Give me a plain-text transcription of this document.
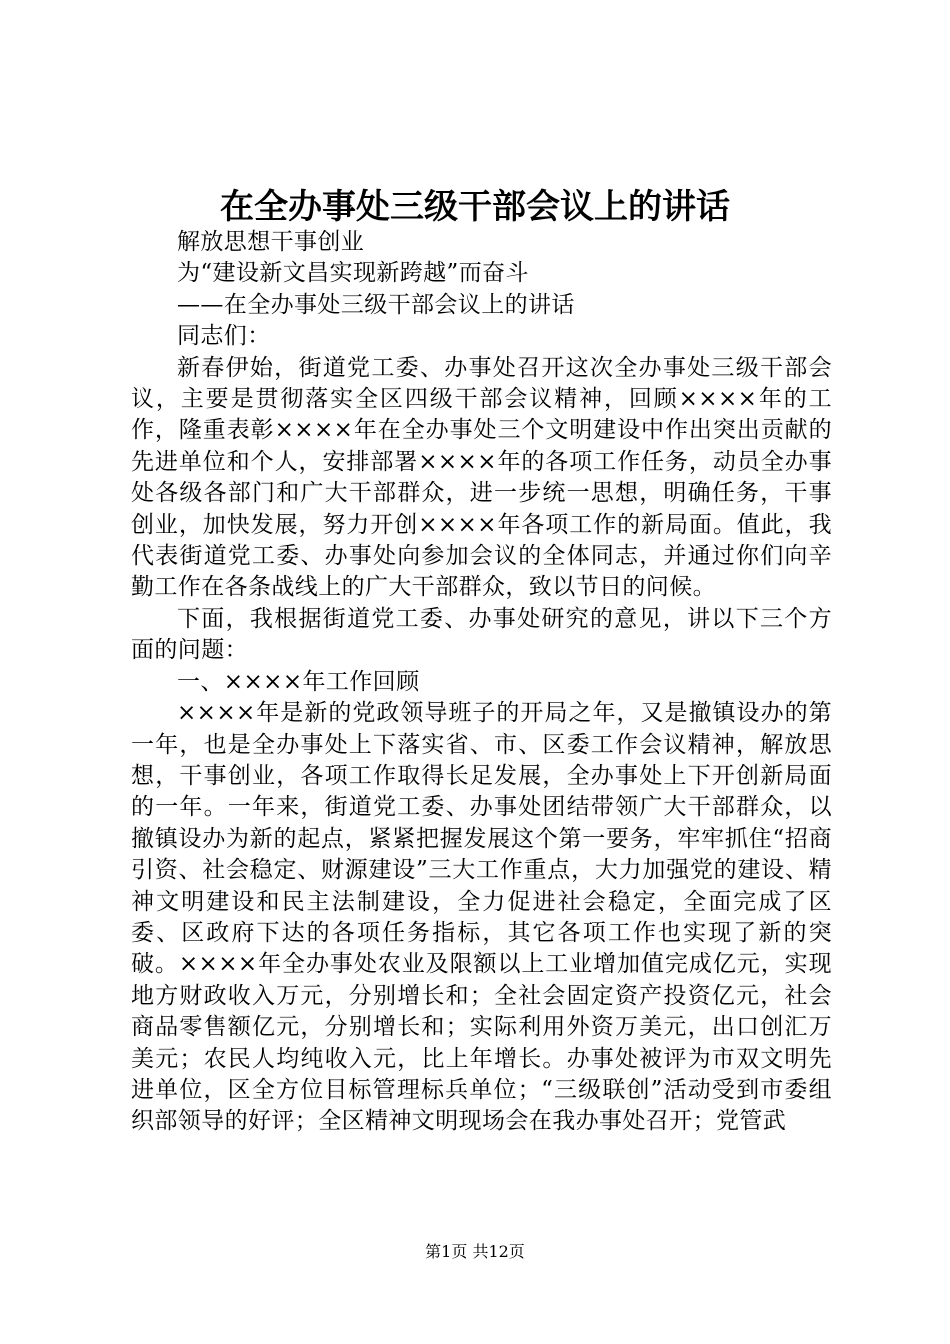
在全办事处三级干部会议上的讲话

解放思想干事创业

为“建设新文昌实现新跨越”而奋斗

——在全办事处三级干部会议上的讲话

同志们：

新春伊始，街道党工委、办事处召开这次全办事处三级干部会议，主要是贯彻落实全区四级干部会议精神，回顾××××年的工作，隆重表彰××××年在全办事处三个文明建设中作出突出贡献的先进单位和个人，安排部署××××年的各项工作任务，动员全办事处各级各部门和广大干部群众，进一步统一思想，明确任务，干事创业，加快发展，努力开创××××年各项工作的新局面。值此，我代表街道党工委、办事处向参加会议的全体同志，并通过你们向辛勤工作在各条战线上的广大干部群众，致以节日的问候。

下面，我根据街道党工委、办事处研究的意见，讲以下三个方面的问题：

一、××××年工作回顾

××××年是新的党政领导班子的开局之年，又是撤镇设办的第一年，也是全办事处上下落实省、市、区委工作会议精神，解放思想，干事创业，各项工作取得长足发展，全办事处上下开创新局面的一年。一年来，街道党工委、办事处团结带领广大干部群众，以撤镇设办为新的起点，紧紧把握发展这个第一要务，牢牢抓住“招商引资、社会稳定、财源建设”三大工作重点，大力加强党的建设、精神文明建设和民主法制建设，全力促进社会稳定，全面完成了区委、区政府下达的各项任务指标，其它各项工作也实现了新的突破。××××年全办事处农业及限额以上工业增加值完成亿元，实现地方财政收入万元，分别增长和；全社会固定资产投资亿元，社会商品零售额亿元，分别增长和；实际利用外资万美元，出口创汇万美元；农民人均纯收入元，比上年增长。办事处被评为市双文明先进单位，区全方位目标管理标兵单位；“三级联创”活动受到市委组织部领导的好评；全区精神文明现场会在我办事处召开；党管武

第1页 共12页
